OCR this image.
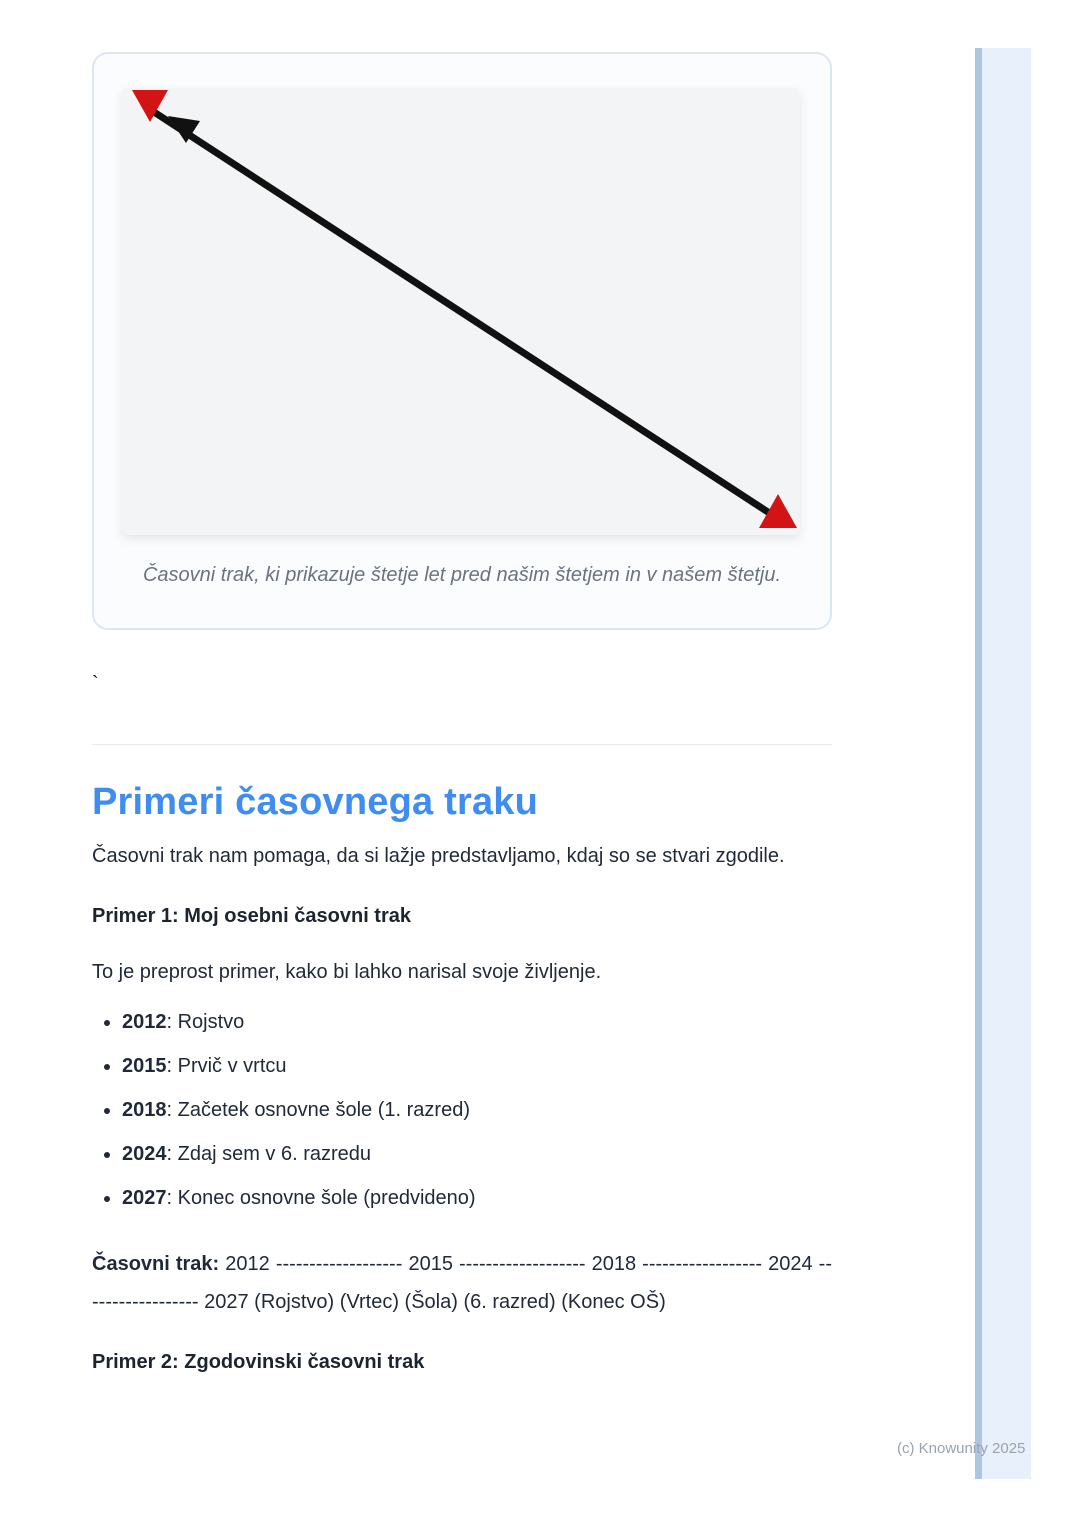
Časovni trak, ki prikazuje štetje let pred našim štetjem in v našem štetju.

`

Primeri časovnega traku

Časovni trak nam pomaga, da si lažje predstavljamo, kdaj so se stvari zgodile.

Primer 1: Moj osebni časovni trak

To je preprost primer, kako bi lahko narisal svoje življenje.

• 2012: Rojstvo
• 2015: Prvič v vrtcu
• 2018: Začetek osnovne šole (1. razred)
• 2024: Zdaj sem v 6. razredu
• 2027: Konec osnovne šole (predvideno)

Časovni trak: 2012 ------------------- 2015 ------------------- 2018 ------------------ 2024 ------------------ 2027 (Rojstvo) (Vrtec) (Šola) (6. razred) (Konec OŠ)

Primer 2: Zgodovinski časovni trak

(c) Knowunity 2025
